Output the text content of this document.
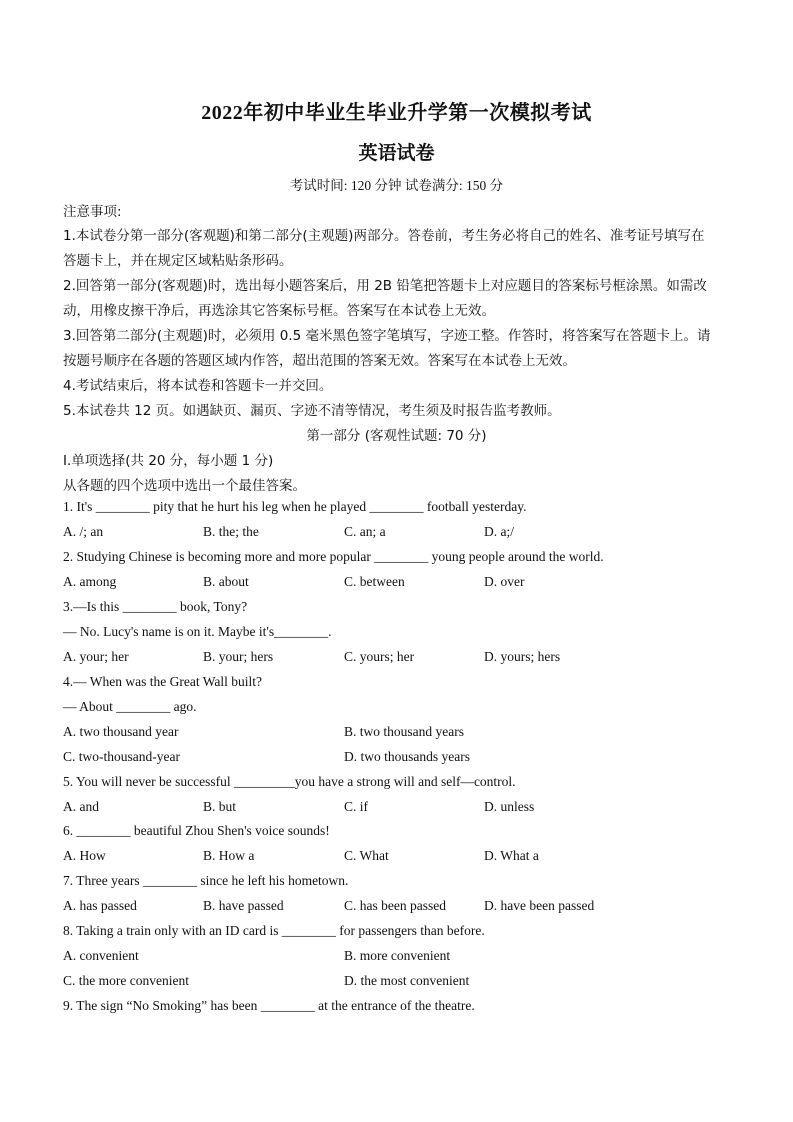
2022年初中毕业生毕业升学第一次模拟考试
英语试卷
考试时间: 120 分钟 试卷满分: 150 分
注意事项:
1.本试卷分第一部分(客观题)和第二部分(主观题)两部分。答卷前，考生务必将自己的姓名、准考证号填写在
答题卡上，并在规定区域粘贴条形码。
2.回答第一部分(客观题)时，选出每小题答案后，用 2B 铅笔把答题卡上对应题目的答案标号框涂黑。如需改
动，用橡皮擦干净后，再选涂其它答案标号框。答案写在本试卷上无效。
3.回答第二部分(主观题)时，必须用 0.5 毫米黑色签字笔填写，字迹工整。作答时，将答案写在答题卡上。请
按题号顺序在各题的答题区域内作答，超出范围的答案无效。答案写在本试卷上无效。
4.考试结束后，将本试卷和答题卡一并交回。
5.本试卷共 12 页。如遇缺页、漏页、字迹不清等情况，考生须及时报告监考教师。
第一部分 (客观性试题: 70 分)
I.单项选择(共 20 分，每小题 1 分)
从各题的四个选项中选出一个最佳答案。
1. It's ________ pity that he hurt his leg when he played ________ football yesterday.
A. /; an	B. the; the	C. an; a	D. a;/
2. Studying Chinese is becoming more and more popular ________ young people around the world.
A. among	B. about	C. between	D. over
3.—Is this ________ book, Tony?
— No. Lucy's name is on it. Maybe it's________.
A. your; her	B. your; hers	C. yours; her	D. yours; hers
4.— When was the Great Wall built?
— About ________ ago.
A. two thousand year	B. two thousand years
C. two-thousand-year	D. two thousands years
5. You will never be successful _________you have a strong will and self—control.
A. and	B. but	C. if	D. unless
6. ________ beautiful Zhou Shen's voice sounds!
A. How	B. How a	C. What	D. What a
7. Three years ________ since he left his hometown.
A. has passed	B. have passed	C. has been passed	D. have been passed
8. Taking a train only with an ID card is ________ for passengers than before.
A. convenient	B. more convenient
C. the more convenient	D. the most convenient
9. The sign “No Smoking” has been ________ at the entrance of the theatre.
